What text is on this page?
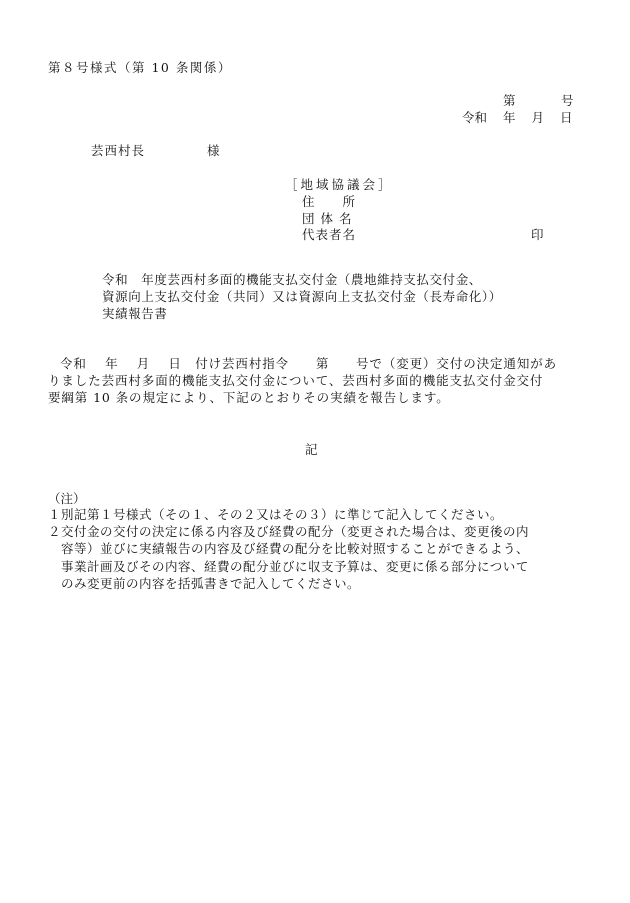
第８号様式（第 10 条関係）
第	号
令和 年 月 日
芸西村長	様
［地域協議会］
住　　所
団 体 名
代表者名	印
令和　年度芸西村多面的機能支払交付金（農地維持支払交付金、
資源向上支払交付金（共同）又は資源向上支払交付金（長寿命化））
実績報告書
令和　 年　 月　 日　付け芸西村指令　　第　　号で（変更）交付の決定通知があ
りました芸西村多面的機能支払交付金について、芸西村多面的機能支払交付金交付
要綱第 10 条の規定により、下記のとおりその実績を報告します。
記
（注）
１別記第１号様式（その１、その２又はその３）に準じて記入してください。
２交付金の交付の決定に係る内容及び経費の配分（変更された場合は、変更後の内
　容等）並びに実績報告の内容及び経費の配分を比較対照することができるよう、
　事業計画及びその内容、経費の配分並びに収支予算は、変更に係る部分について
　のみ変更前の内容を括弧書きで記入してください。
